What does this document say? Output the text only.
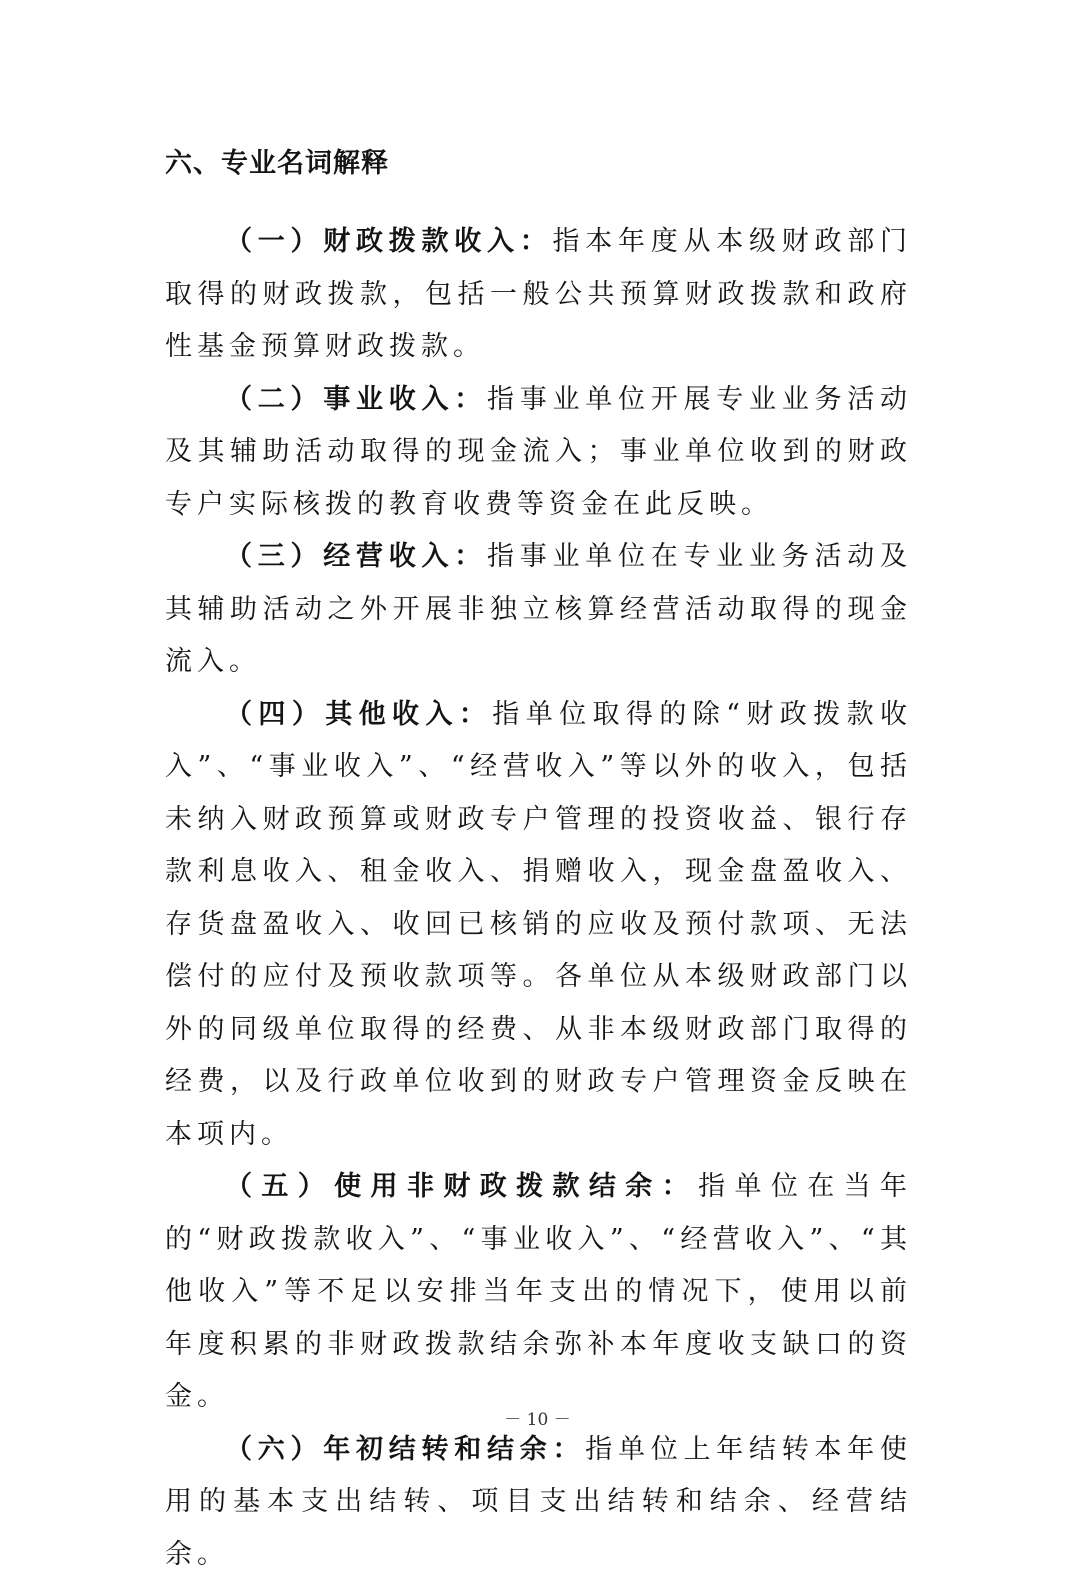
六、专业名词解释

（一）财政拨款收入：指本年度从本级财政部门取得的财政拨款，包括一般公共预算财政拨款和政府性基金预算财政拨款。

（二）事业收入：指事业单位开展专业业务活动及其辅助活动取得的现金流入；事业单位收到的财政专户实际核拨的教育收费等资金在此反映。

（三）经营收入：指事业单位在专业业务活动及其辅助活动之外开展非独立核算经营活动取得的现金流入。

（四）其他收入：指单位取得的除“财政拨款收入”、“事业收入”、“经营收入”等以外的收入，包括未纳入财政预算或财政专户管理的投资收益、银行存款利息收入、租金收入、捐赠收入，现金盘盈收入、存货盘盈收入、收回已核销的应收及预付款项、无法偿付的应付及预收款项等。各单位从本级财政部门以外的同级单位取得的经费、从非本级财政部门取得的经费，以及行政单位收到的财政专户管理资金反映在本项内。

（五）使用非财政拨款结余：指单位在当年的“财政拨款收入”、“事业收入”、“经营收入”、“其他收入”等不足以安排当年支出的情况下，使用以前年度积累的非财政拨款结余弥补本年度收支缺口的资金。

（六）年初结转和结余：指单位上年结转本年使用的基本支出结转、项目支出结转和结余、经营结余。

－ 10 －
